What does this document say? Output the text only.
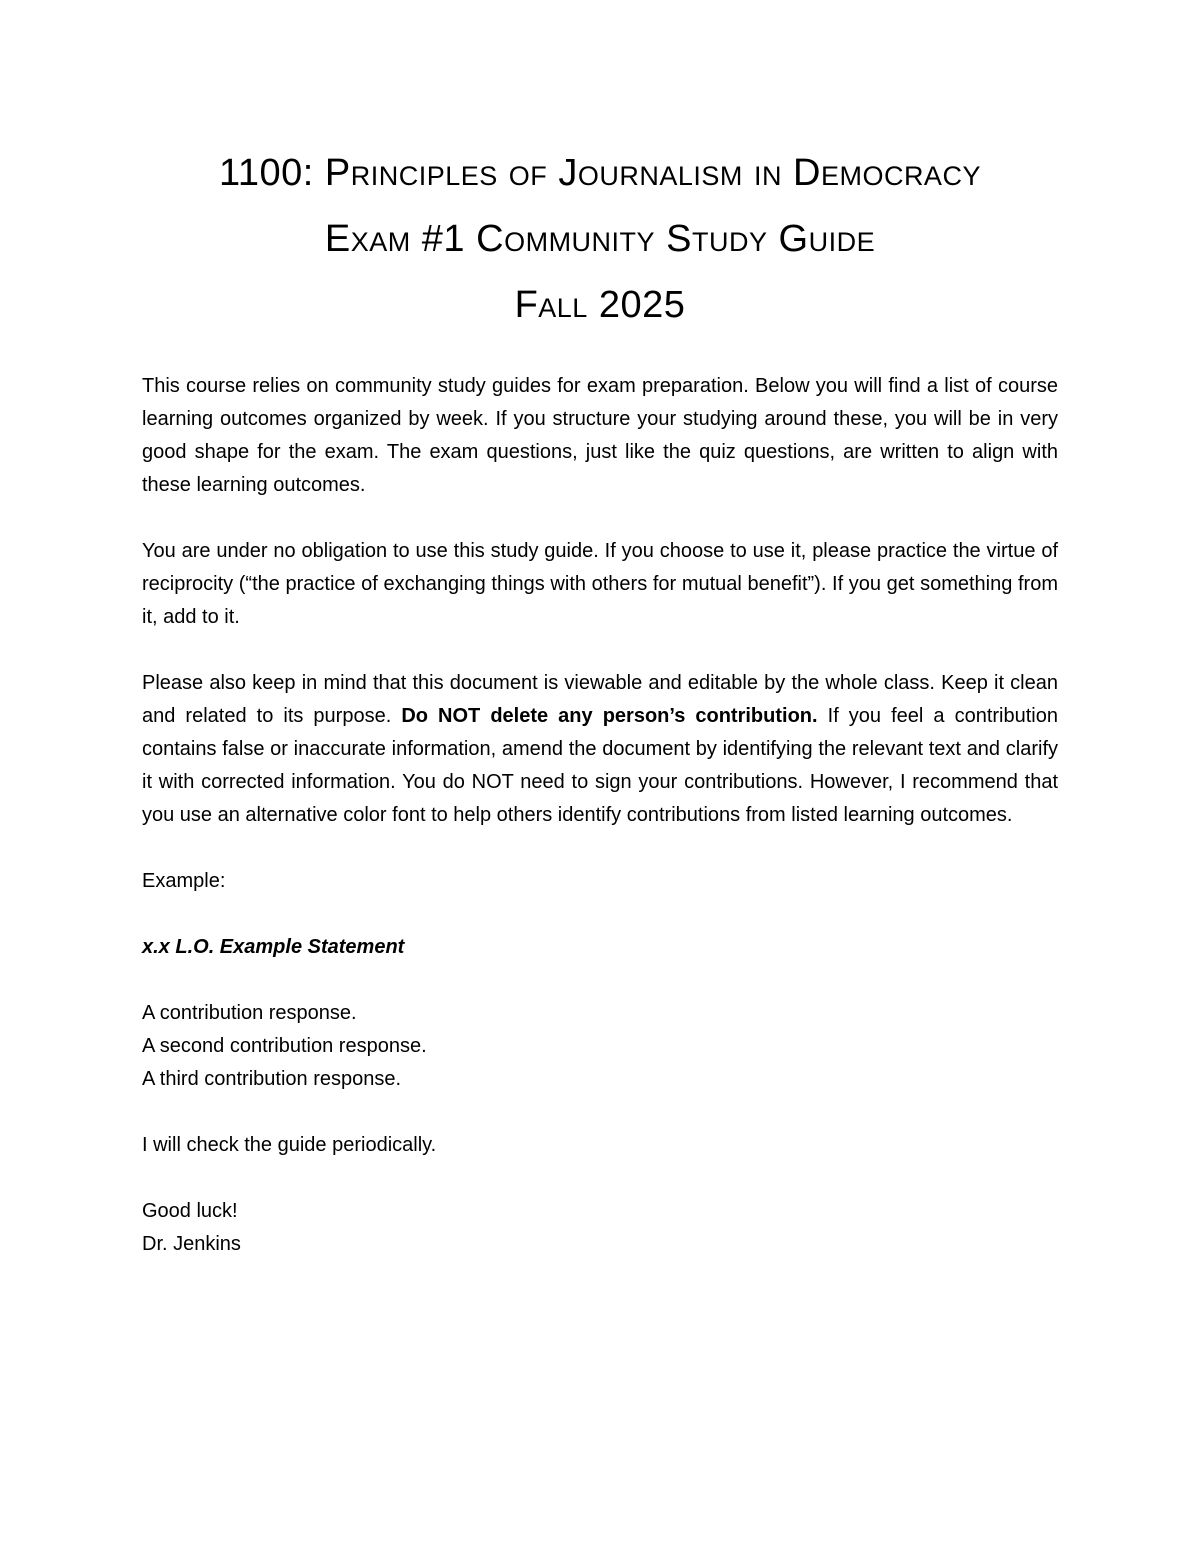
1100: Principles of Journalism in Democracy
Exam #1 Community Study Guide
Fall 2025

This course relies on community study guides for exam preparation. Below you will find a list of course learning outcomes organized by week. If you structure your studying around these, you will be in very good shape for the exam. The exam questions, just like the quiz questions, are written to align with these learning outcomes.

You are under no obligation to use this study guide. If you choose to use it, please practice the virtue of reciprocity (“the practice of exchanging things with others for mutual benefit”). If you get something from it, add to it.

Please also keep in mind that this document is viewable and editable by the whole class. Keep it clean and related to its purpose. Do NOT delete any person’s contribution. If you feel a contribution contains false or inaccurate information, amend the document by identifying the relevant text and clarify it with corrected information. You do NOT need to sign your contributions. However, I recommend that you use an alternative color font to help others identify contributions from listed learning outcomes.

Example:

x.x L.O. Example Statement

A contribution response.
A second contribution response.
A third contribution response.

I will check the guide periodically.

Good luck!
Dr. Jenkins
